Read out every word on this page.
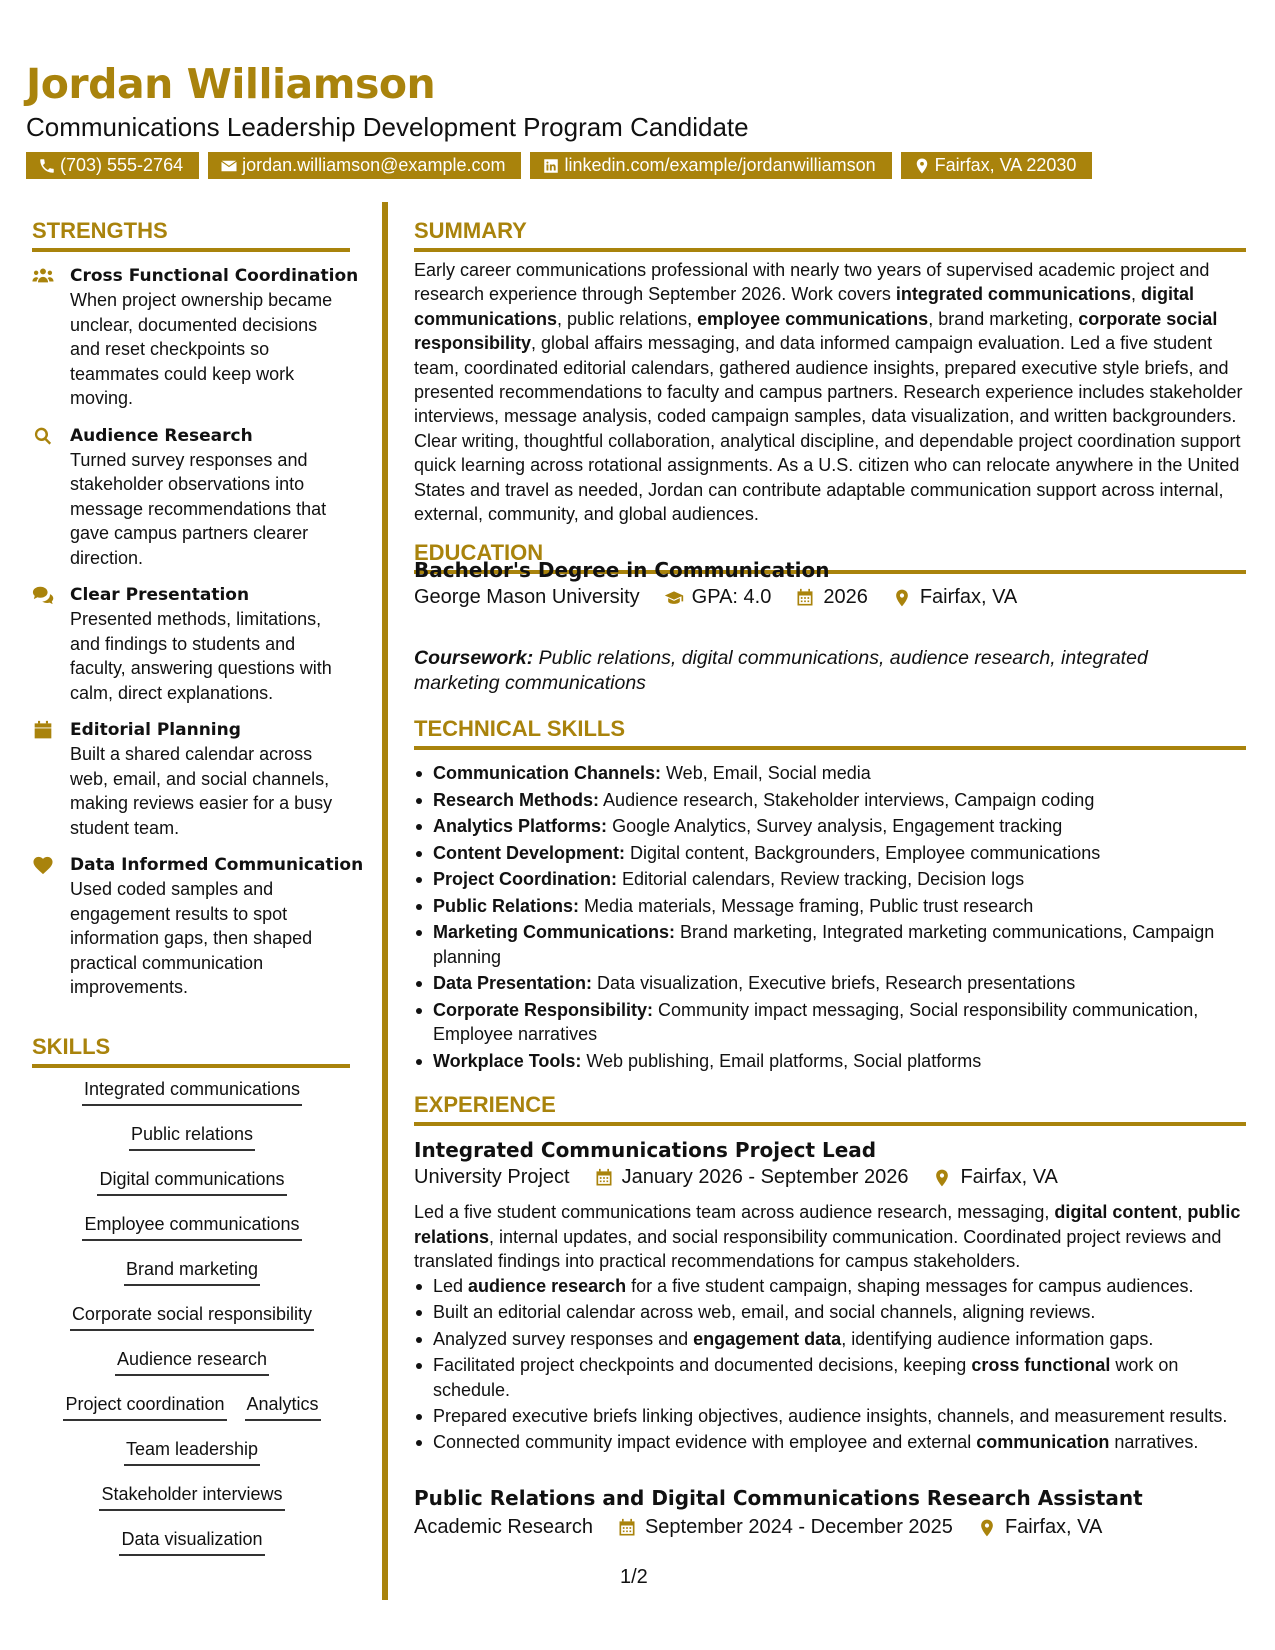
Jordan Williamson
Communications Leadership Development Program Candidate
(703) 555-2764	jordan.williamson@example.com	linkedin.com/example/jordanwilliamson	Fairfax, VA 22030
STRENGTHS
Cross Functional Coordination
When project ownership became unclear, documented decisions and reset checkpoints so teammates could keep work moving.
Audience Research
Turned survey responses and stakeholder observations into message recommendations that gave campus partners clearer direction.
Clear Presentation
Presented methods, limitations, and findings to students and faculty, answering questions with calm, direct explanations.
Editorial Planning
Built a shared calendar across web, email, and social channels, making reviews easier for a busy student team.
Data Informed Communication
Used coded samples and engagement results to spot information gaps, then shaped practical communication improvements.
SKILLS
Integrated communications
Public relations
Digital communications
Employee communications
Brand marketing
Corporate social responsibility
Audience research
Project coordination Analytics
Team leadership
Stakeholder interviews
Data visualization
SUMMARY
Early career communications professional with nearly two years of supervised academic project and research experience through September 2026. Work covers integrated communications, digital communications, public relations, employee communications, brand marketing, corporate social responsibility, global affairs messaging, and data informed campaign evaluation. Led a five student team, coordinated editorial calendars, gathered audience insights, prepared executive style briefs, and presented recommendations to faculty and campus partners. Research experience includes stakeholder interviews, message analysis, coded campaign samples, data visualization, and written backgrounders. Clear writing, thoughtful collaboration, analytical discipline, and dependable project coordination support quick learning across rotational assignments. As a U.S. citizen who can relocate anywhere in the United States and travel as needed, Jordan can contribute adaptable communication support across internal, external, community, and global audiences.
EDUCATION
Bachelor's Degree in Communication
George Mason University	GPA: 4.0	2026	Fairfax, VA
Coursework: Public relations, digital communications, audience research, integrated marketing communications
TECHNICAL SKILLS
Communication Channels: Web, Email, Social media
Research Methods: Audience research, Stakeholder interviews, Campaign coding
Analytics Platforms: Google Analytics, Survey analysis, Engagement tracking
Content Development: Digital content, Backgrounders, Employee communications
Project Coordination: Editorial calendars, Review tracking, Decision logs
Public Relations: Media materials, Message framing, Public trust research
Marketing Communications: Brand marketing, Integrated marketing communications, Campaign planning
Data Presentation: Data visualization, Executive briefs, Research presentations
Corporate Responsibility: Community impact messaging, Social responsibility communication, Employee narratives
Workplace Tools: Web publishing, Email platforms, Social platforms
EXPERIENCE
Integrated Communications Project Lead
University Project	January 2026 - September 2026	Fairfax, VA
Led a five student communications team across audience research, messaging, digital content, public relations, internal updates, and social responsibility communication. Coordinated project reviews and translated findings into practical recommendations for campus stakeholders.
Led audience research for a five student campaign, shaping messages for campus audiences.
Built an editorial calendar across web, email, and social channels, aligning reviews.
Analyzed survey responses and engagement data, identifying audience information gaps.
Facilitated project checkpoints and documented decisions, keeping cross functional work on schedule.
Prepared executive briefs linking objectives, audience insights, channels, and measurement results.
Connected community impact evidence with employee and external communication narratives.
Public Relations and Digital Communications Research Assistant
Academic Research	September 2024 - December 2025	Fairfax, VA
1/2
